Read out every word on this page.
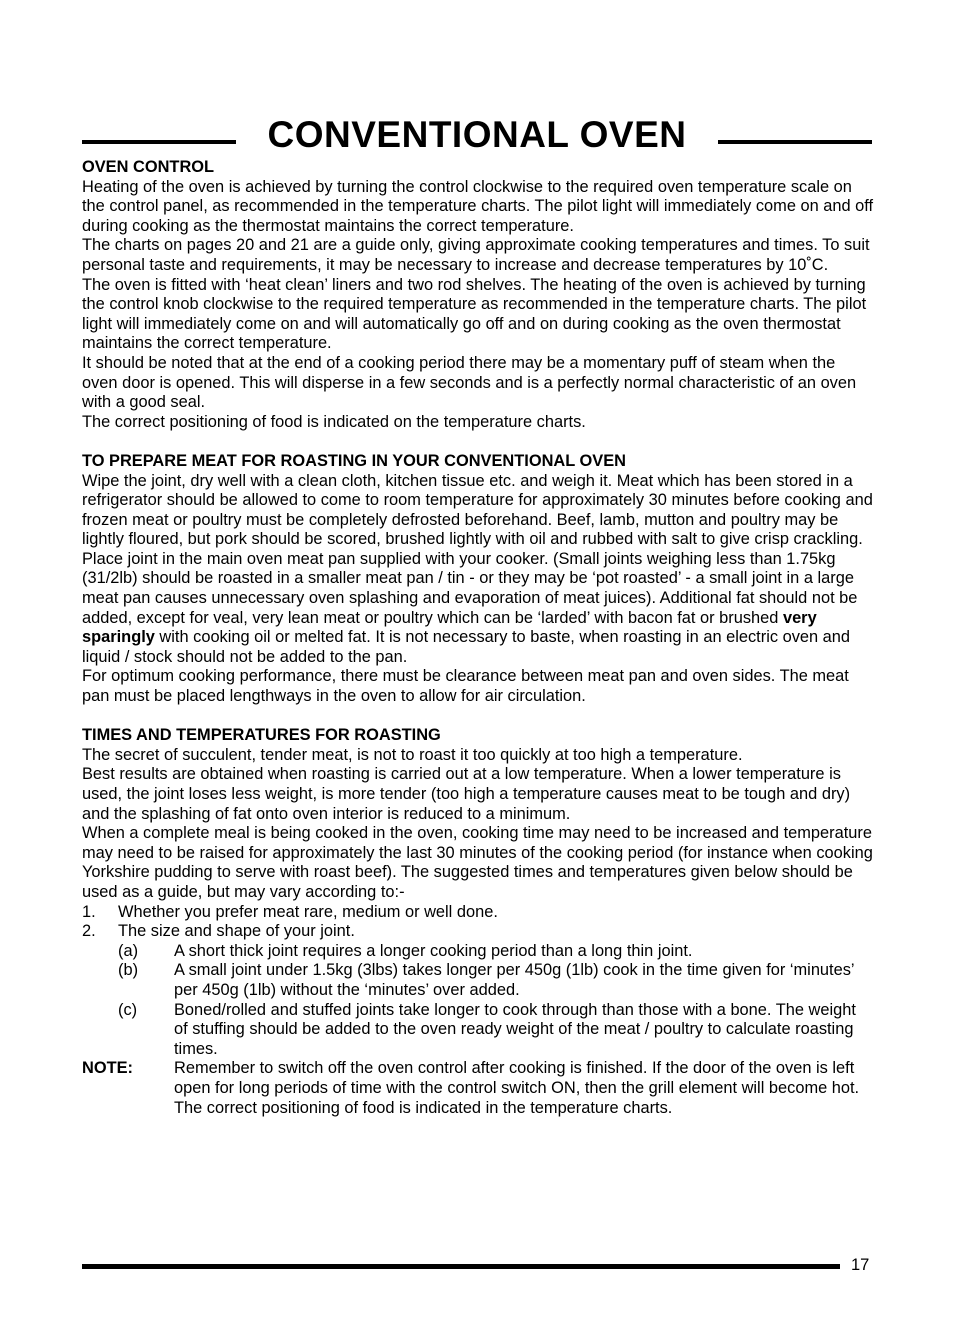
CONVENTIONAL OVEN
OVEN CONTROL

Heating of the oven is achieved by turning the control clockwise to the required oven temperature scale on the control panel, as recommended in the temperature charts. The pilot light will immediately come on and off during cooking as the thermostat maintains the correct temperature.

The charts on pages 20 and 21 are a guide only, giving approximate cooking temperatures and times. To suit personal taste and requirements, it may be necessary to increase and decrease temperatures by 10˚C.

The oven is fitted with ‘heat clean’ liners and two rod shelves. The heating of the oven is achieved by turning the control knob clockwise to the required temperature as recommended in the temperature charts. The pilot light will immediately come on and will automatically go off and on during cooking as the oven thermostat maintains the correct temperature.

It should be noted that at the end of a cooking period there may be a momentary puff of steam when the oven door is opened. This will disperse in a few seconds and is a perfectly normal characteristic of an oven with a good seal.

The correct positioning of food is indicated on the temperature charts.

TO PREPARE MEAT FOR ROASTING IN YOUR CONVENTIONAL OVEN

Wipe the joint, dry well with a clean cloth, kitchen tissue etc. and weigh it. Meat which has been stored in a refrigerator should be allowed to come to room temperature for approximately 30 minutes before cooking and frozen meat or poultry must be completely defrosted beforehand. Beef, lamb, mutton and poultry may be lightly floured, but pork should be scored, brushed lightly with oil and rubbed with salt to give crisp crackling. Place joint in the main oven meat pan supplied with your cooker. (Small joints weighing less than 1.75kg (31/2lb) should be roasted in a smaller meat pan / tin - or they may be ‘pot roasted’ - a small joint in a large meat pan causes unnecessary oven splashing and evaporation of meat juices). Additional fat should not be added, except for veal, very lean meat or poultry which can be ‘larded’ with bacon fat or brushed very sparingly with cooking oil or melted fat. It is not necessary to baste, when roasting in an electric oven and liquid / stock should not be added to the pan.

For optimum cooking performance, there must be clearance between meat pan and oven sides. The meat pan must be placed lengthways in the oven to allow for air circulation.

TIMES AND TEMPERATURES FOR ROASTING

The secret of succulent, tender meat, is not to roast it too quickly at too high a temperature.

Best results are obtained when roasting is carried out at a low temperature. When a lower temperature is used, the joint loses less weight, is more tender (too high a temperature causes meat to be tough and dry) and the splashing of fat onto oven interior is reduced to a minimum.

When a complete meal is being cooked in the oven, cooking time may need to be increased and temperature may need to be raised for approximately the last 30 minutes of the cooking period (for instance when cooking Yorkshire pudding to serve with roast beef). The suggested times and temperatures given below should be used as a guide, but may vary according to:-

1.	Whether you prefer meat rare, medium or well done.
2.	The size and shape of your joint.
(a)	A short thick joint requires a longer cooking period than a long thin joint.
(b)	A small joint under 1.5kg (3lbs) takes longer per 450g (1lb) cook in the time given for ‘minutes’ per 450g (1lb) without the ‘minutes’ over added.
(c)	Boned/rolled and stuffed joints take longer to cook through than those with a bone. The weight of stuffing should be added to the oven ready weight of the meat / poultry to calculate roasting times.
NOTE:	Remember to switch off the oven control after cooking is finished. If the door of the oven is left open for long periods of time with the control switch ON, then the grill element will become hot. The correct positioning of food is indicated in the temperature charts.
17
